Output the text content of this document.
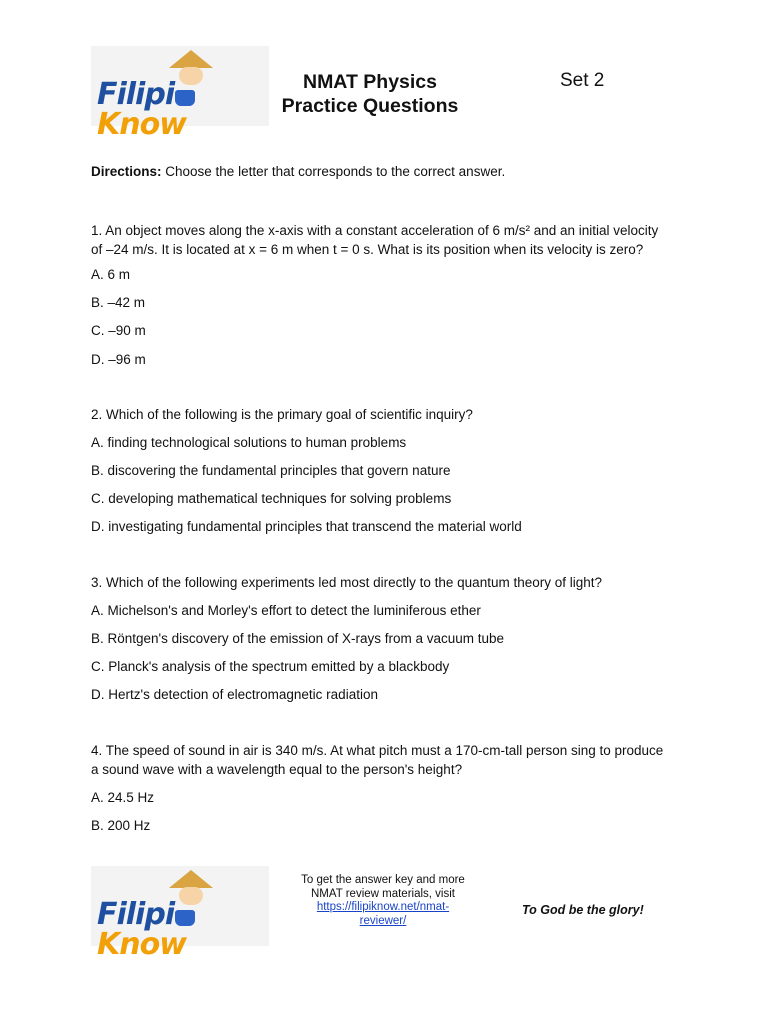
FilipiKnow
NMAT Physics
Practice Questions
Set 2
Directions: Choose the letter that corresponds to the correct answer.
1. An object moves along the x-axis with a constant acceleration of 6 m/s² and an initial velocity
of –24 m/s. It is located at x = 6 m when t = 0 s. What is its position when its velocity is zero?
A. 6 m
B. –42 m
C. –90 m
D. –96 m
2. Which of the following is the primary goal of scientific inquiry?
A. finding technological solutions to human problems
B. discovering the fundamental principles that govern nature
C. developing mathematical techniques for solving problems
D. investigating fundamental principles that transcend the material world
3. Which of the following experiments led most directly to the quantum theory of light?
A. Michelson's and Morley's effort to detect the luminiferous ether
B. Röntgen's discovery of the emission of X-rays from a vacuum tube
C. Planck's analysis of the spectrum emitted by a blackbody
D. Hertz's detection of electromagnetic radiation
4. The speed of sound in air is 340 m/s. At what pitch must a 170-cm-tall person sing to produce
a sound wave with a wavelength equal to the person's height?
A. 24.5 Hz
B. 200 Hz
FilipiKnow
To get the answer key and more
NMAT review materials, visit
https://filipiknow.net/nmat-
reviewer/
To God be the glory!
